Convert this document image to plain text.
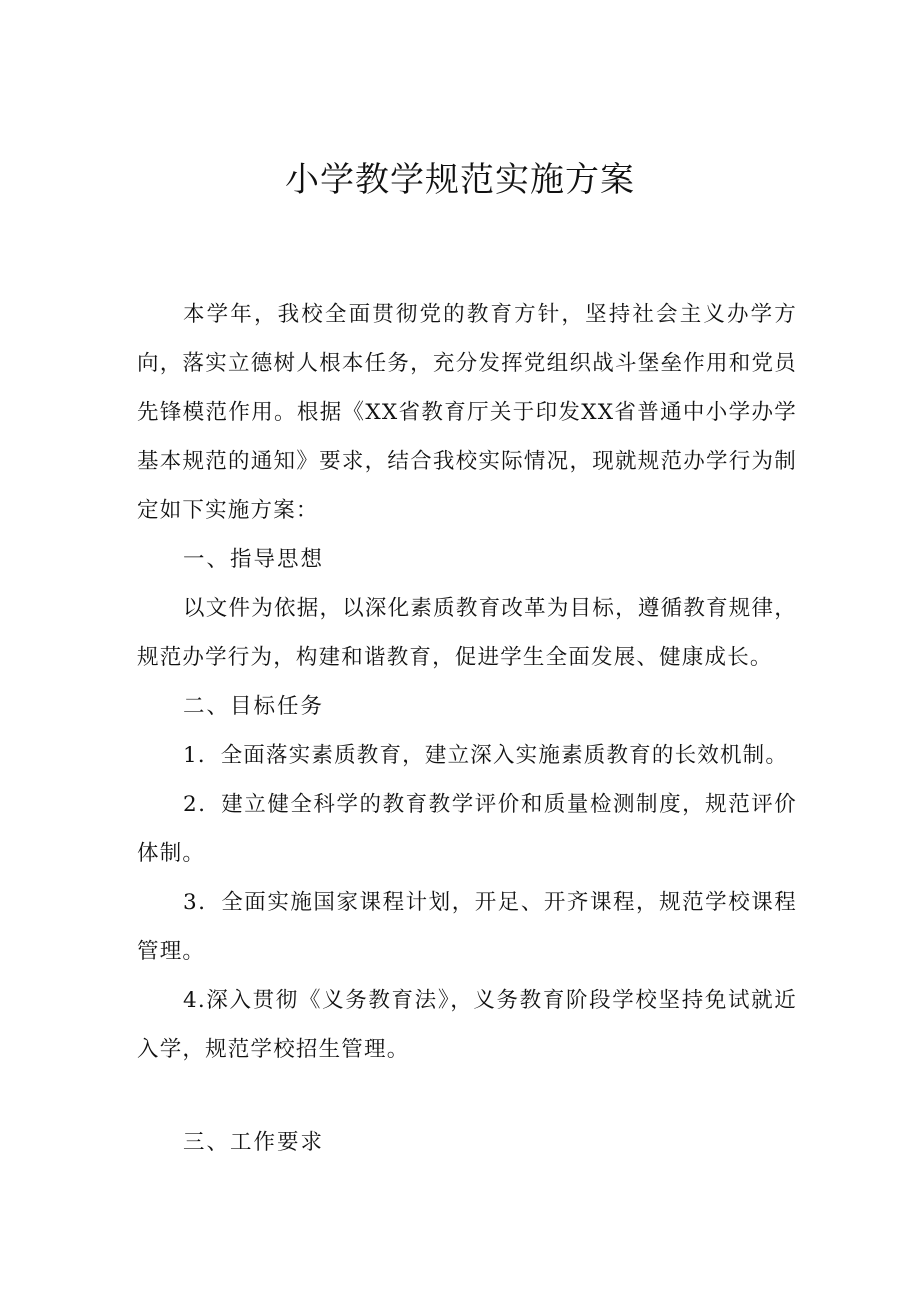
小学教学规范实施方案

本学年，我校全面贯彻党的教育方针，坚持社会主义办学方向，落实立德树人根本任务，充分发挥党组织战斗堡垒作用和党员先锋模范作用。根据《XX省教育厅关于印发XX省普通中小学办学基本规范的通知》要求，结合我校实际情况，现就规范办学行为制定如下实施方案：

一、指导思想

以文件为依据，以深化素质教育改革为目标，遵循教育规律，规范办学行为，构建和谐教育，促进学生全面发展、健康成长。

二、目标任务

1．全面落实素质教育，建立深入实施素质教育的长效机制。

2．建立健全科学的教育教学评价和质量检测制度，规范评价体制。

3．全面实施国家课程计划，开足、开齐课程，规范学校课程管理。

4.深入贯彻《义务教育法》，义务教育阶段学校坚持免试就近入学，规范学校招生管理。

三、工作要求
